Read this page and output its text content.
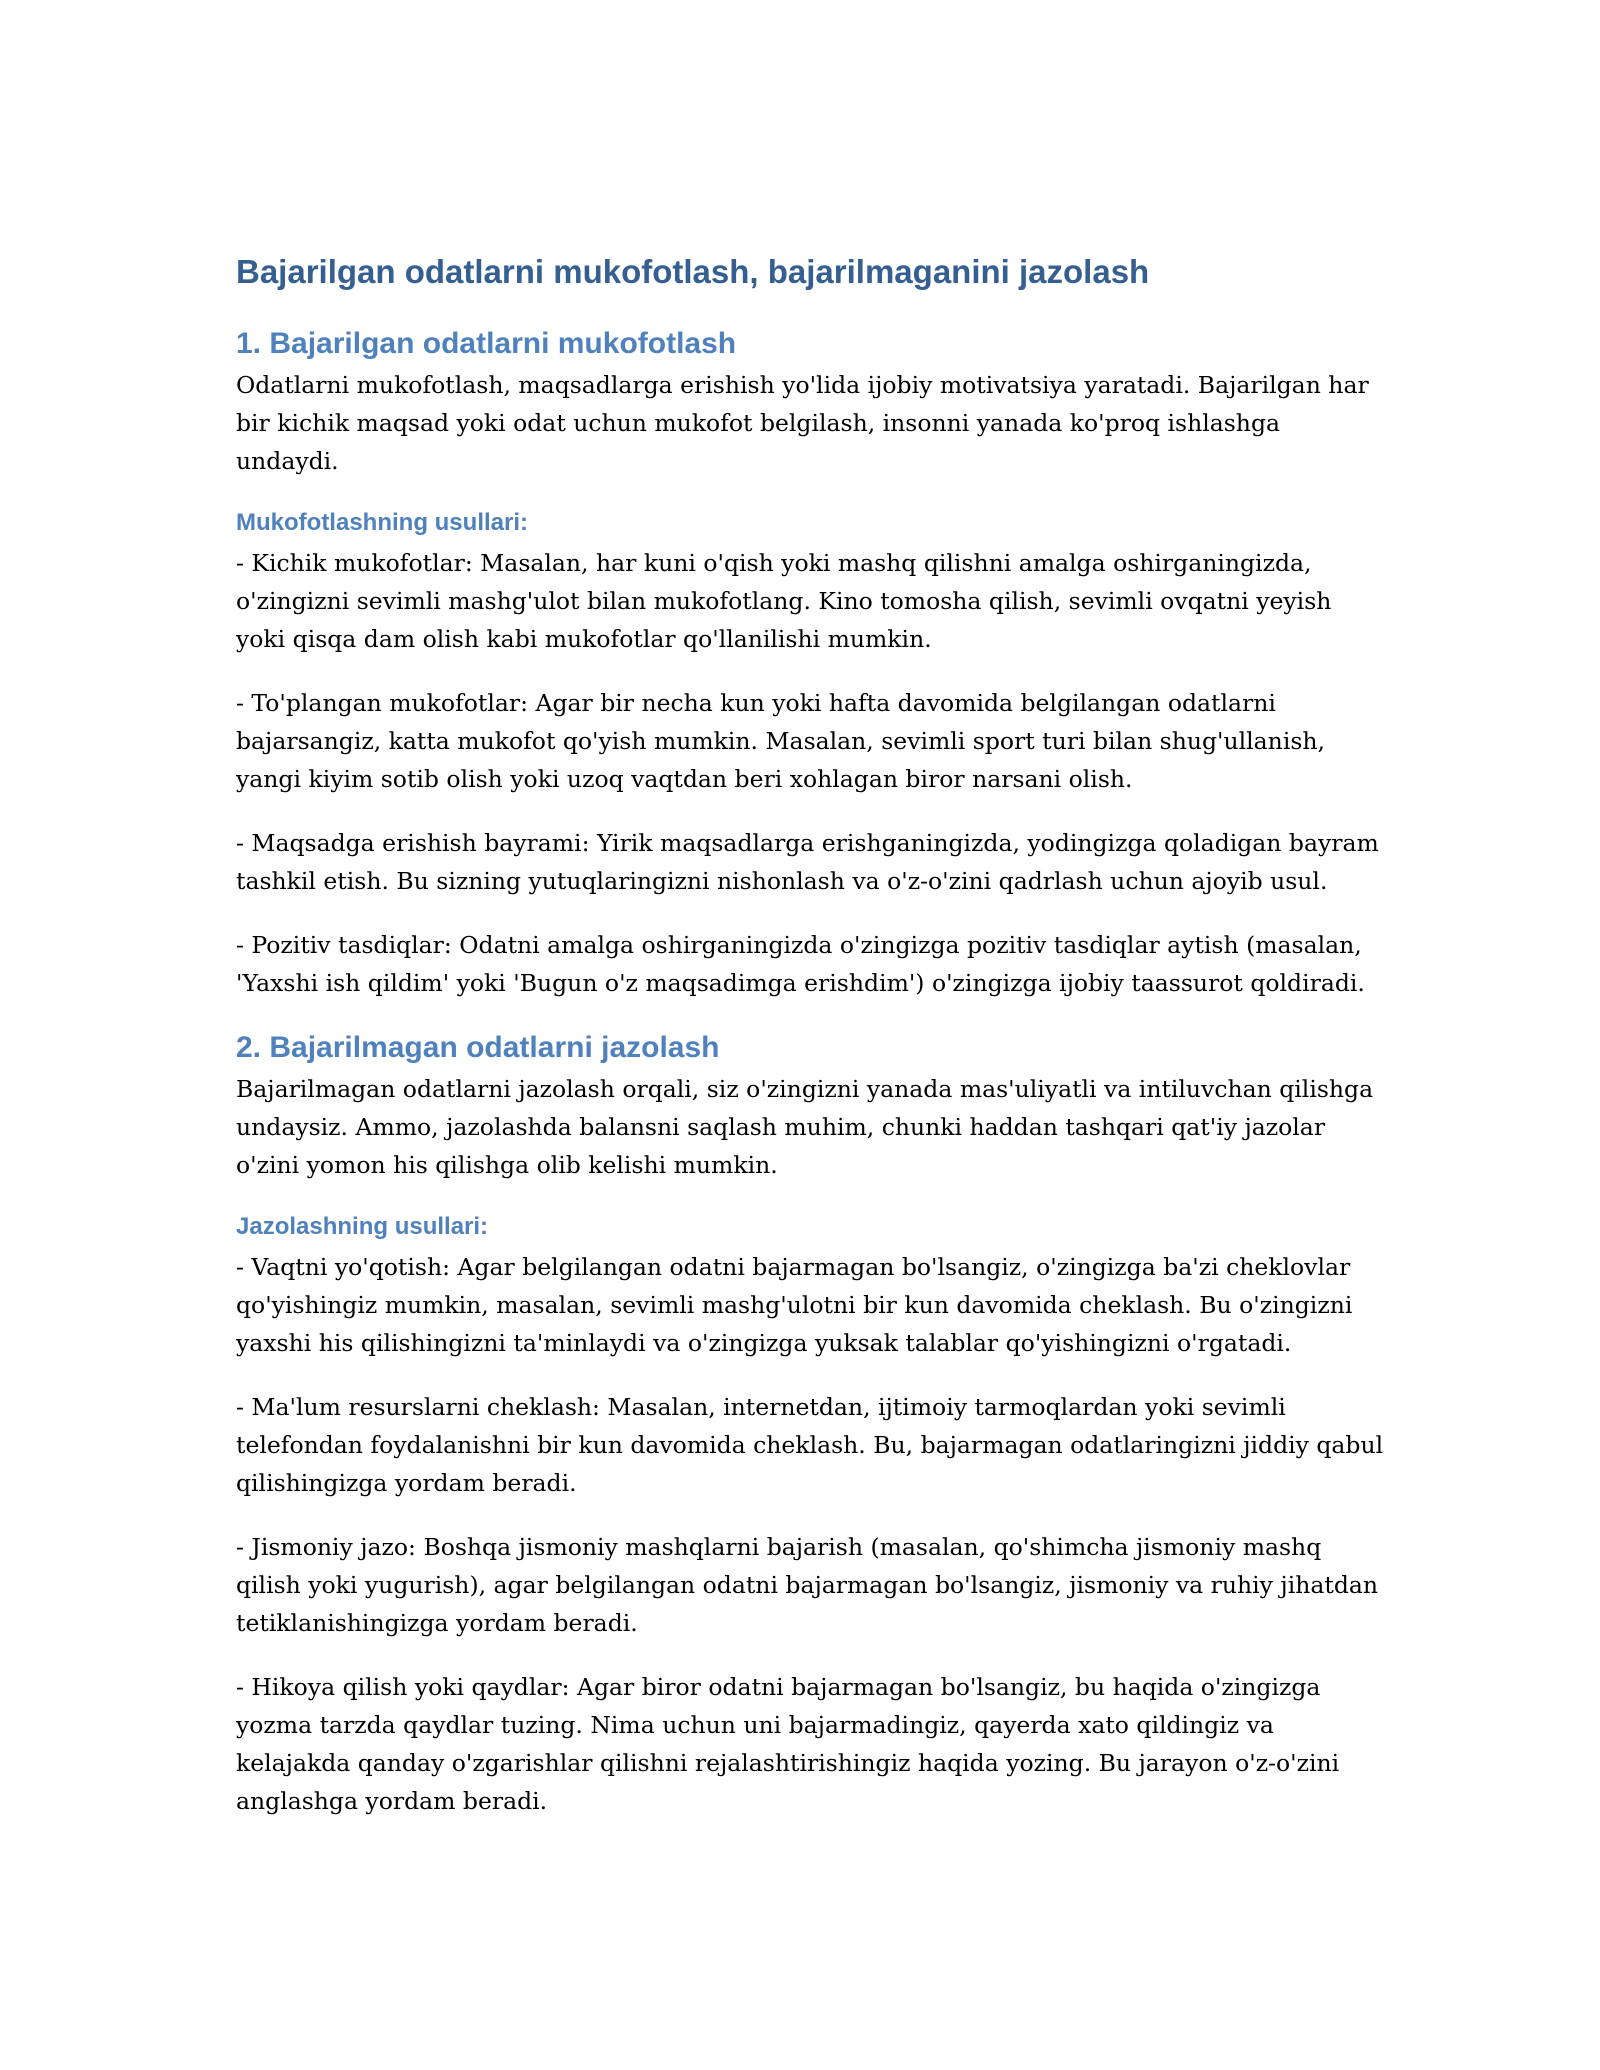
Bajarilgan odatlarni mukofotlash, bajarilmaganini jazolash
1. Bajarilgan odatlarni mukofotlash

Odatlarni mukofotlash, maqsadlarga erishish yo'lida ijobiy motivatsiya yaratadi. Bajarilgan har bir kichik maqsad yoki odat uchun mukofot belgilash, insonni yanada ko'proq ishlashga undaydi.

Mukofotlashning usullari:

- Kichik mukofotlar: Masalan, har kuni o'qish yoki mashq qilishni amalga oshirganingizda, o'zingizni sevimli mashg'ulot bilan mukofotlang. Kino tomosha qilish, sevimli ovqatni yeyish yoki qisqa dam olish kabi mukofotlar qo'llanilishi mumkin.

- To'plangan mukofotlar: Agar bir necha kun yoki hafta davomida belgilangan odatlarni bajarsangiz, katta mukofot qo'yish mumkin. Masalan, sevimli sport turi bilan shug'ullanish, yangi kiyim sotib olish yoki uzoq vaqtdan beri xohlagan biror narsani olish.

- Maqsadga erishish bayrami: Yirik maqsadlarga erishganingizda, yodingizga qoladigan bayram tashkil etish. Bu sizning yutuqlaringizni nishonlash va o'z-o'zini qadrlash uchun ajoyib usul.

- Pozitiv tasdiqlar: Odatni amalga oshirganingizda o'zingizga pozitiv tasdiqlar aytish (masalan, 'Yaxshi ish qildim' yoki 'Bugun o'z maqsadimga erishdim') o'zingizga ijobiy taassurot qoldiradi.

2. Bajarilmagan odatlarni jazolash

Bajarilmagan odatlarni jazolash orqali, siz o'zingizni yanada mas'uliyatli va intiluvchan qilishga undaysiz. Ammo, jazolashda balansni saqlash muhim, chunki haddan tashqari qat'iy jazolar o'zini yomon his qilishga olib kelishi mumkin.

Jazolashning usullari:

- Vaqtni yo'qotish: Agar belgilangan odatni bajarmagan bo'lsangiz, o'zingizga ba'zi cheklovlar qo'yishingiz mumkin, masalan, sevimli mashg'ulotni bir kun davomida cheklash. Bu o'zingizni yaxshi his qilishingizni ta'minlaydi va o'zingizga yuksak talablar qo'yishingizni o'rgatadi.

- Ma'lum resurslarni cheklash: Masalan, internetdan, ijtimoiy tarmoqlardan yoki sevimli telefondan foydalanishni bir kun davomida cheklash. Bu, bajarmagan odatlaringizni jiddiy qabul qilishingizga yordam beradi.

- Jismoniy jazo: Boshqa jismoniy mashqlarni bajarish (masalan, qo'shimcha jismoniy mashq qilish yoki yugurish), agar belgilangan odatni bajarmagan bo'lsangiz, jismoniy va ruhiy jihatdan tetiklanishingizga yordam beradi.

- Hikoya qilish yoki qaydlar: Agar biror odatni bajarmagan bo'lsangiz, bu haqida o'zingizga yozma tarzda qaydlar tuzing. Nima uchun uni bajarmadingiz, qayerda xato qildingiz va kelajakda qanday o'zgarishlar qilishni rejalashtirishingiz haqida yozing. Bu jarayon o'z-o'zini anglashga yordam beradi.
